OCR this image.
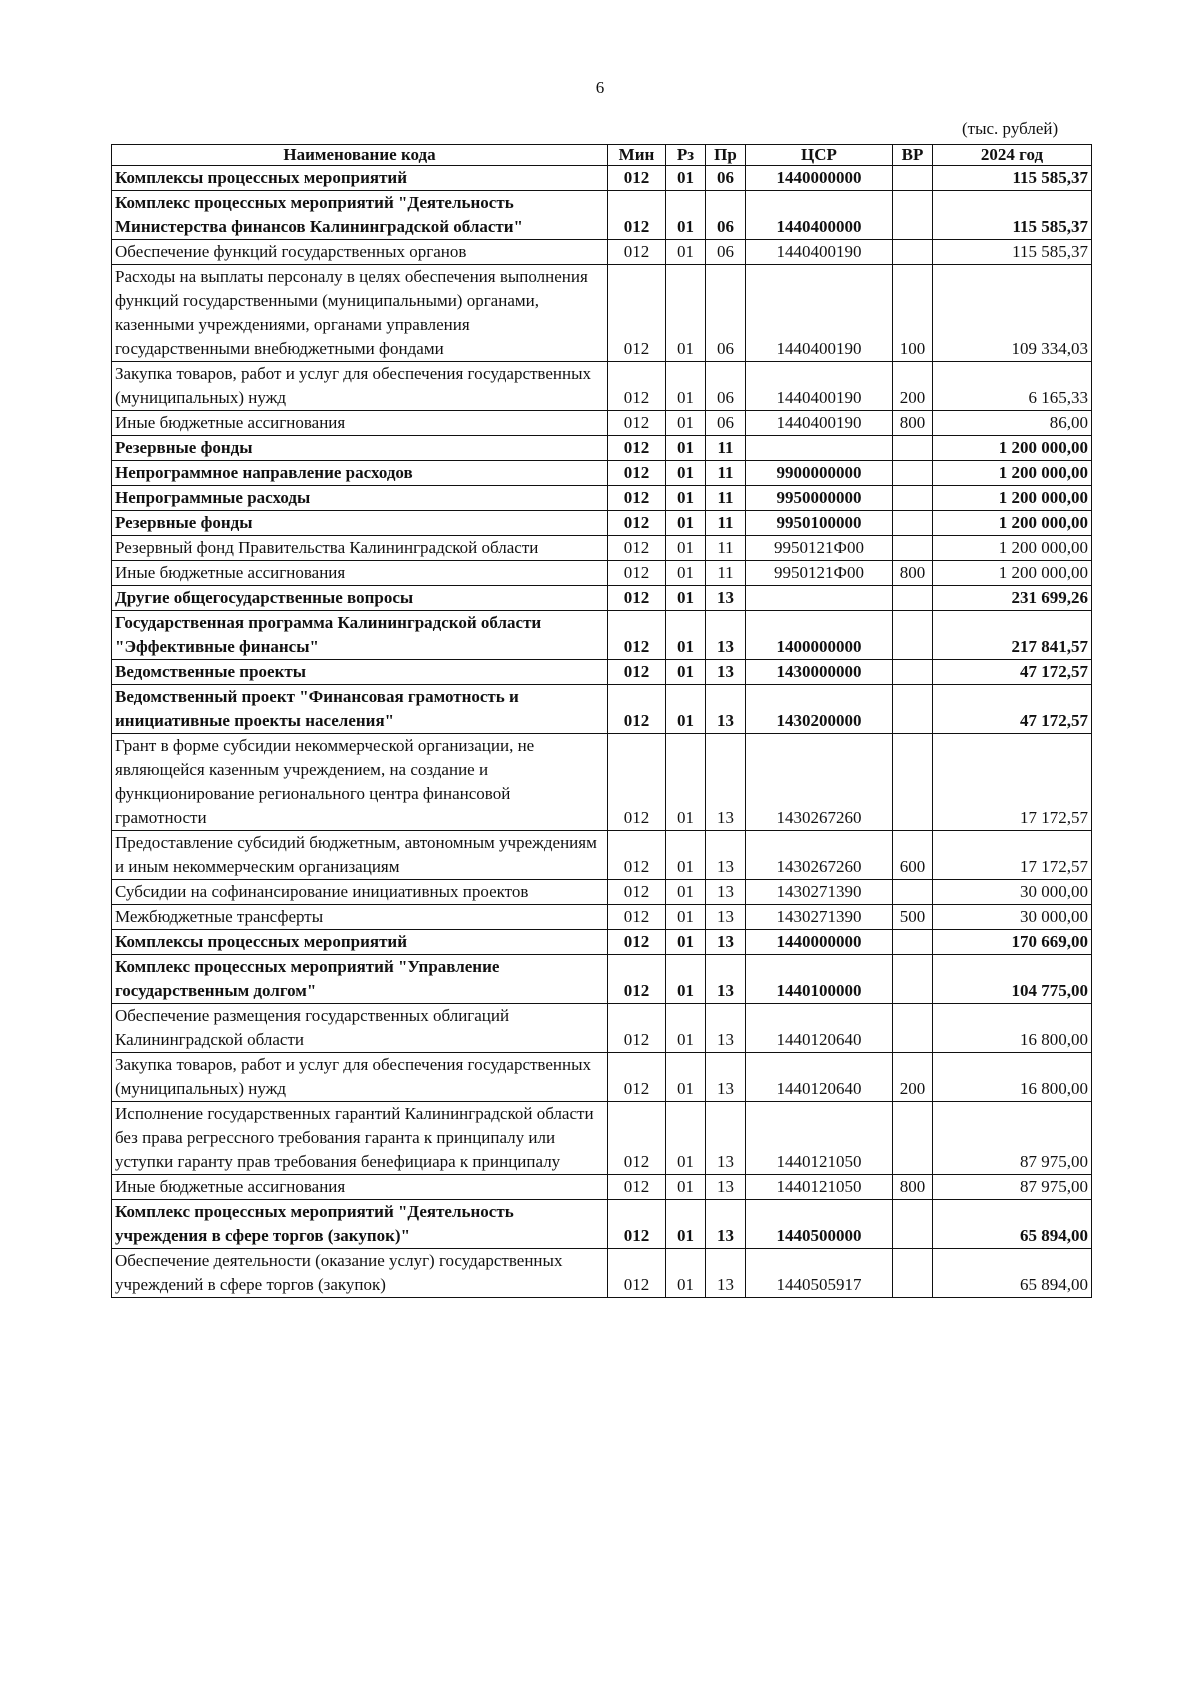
6
(тыс. рублей)
Наименование кода	Мин	Рз	Пр	ЦСР	ВР	2024 год
Комплексы процессных мероприятий	012	01	06	1440000000		115 585,37
Комплекс процессных мероприятий "Деятельность Министерства финансов Калининградской области"	012	01	06	1440400000		115 585,37
Обеспечение функций государственных органов	012	01	06	1440400190		115 585,37
Расходы на выплаты персоналу в целях обеспечения выполнения функций государственными (муниципальными) органами, казенными учреждениями, органами управления государственными внебюджетными фондами	012	01	06	1440400190	100	109 334,03
Закупка товаров, работ и услуг для обеспечения государственных (муниципальных) нужд	012	01	06	1440400190	200	6 165,33
Иные бюджетные ассигнования	012	01	06	1440400190	800	86,00
Резервные фонды	012	01	11			1 200 000,00
Непрограммное направление расходов	012	01	11	9900000000		1 200 000,00
Непрограммные расходы	012	01	11	9950000000		1 200 000,00
Резервные фонды	012	01	11	9950100000		1 200 000,00
Резервный фонд Правительства Калининградской области	012	01	11	9950121Ф00		1 200 000,00
Иные бюджетные ассигнования	012	01	11	9950121Ф00	800	1 200 000,00
Другие общегосударственные вопросы	012	01	13			231 699,26
Государственная программа Калининградской области "Эффективные финансы"	012	01	13	1400000000		217 841,57
Ведомственные проекты	012	01	13	1430000000		47 172,57
Ведомственный проект "Финансовая грамотность и инициативные проекты населения"	012	01	13	1430200000		47 172,57
Грант в форме субсидии некоммерческой организации, не являющейся казенным учреждением, на создание и функционирование регионального центра финансовой грамотности	012	01	13	1430267260		17 172,57
Предоставление субсидий бюджетным, автономным учреждениям и иным некоммерческим организациям	012	01	13	1430267260	600	17 172,57
Субсидии на софинансирование инициативных проектов	012	01	13	1430271390		30 000,00
Межбюджетные трансферты	012	01	13	1430271390	500	30 000,00
Комплексы процессных мероприятий	012	01	13	1440000000		170 669,00
Комплекс процессных мероприятий "Управление государственным долгом"	012	01	13	1440100000		104 775,00
Обеспечение размещения государственных облигаций Калининградской области	012	01	13	1440120640		16 800,00
Закупка товаров, работ и услуг для обеспечения государственных (муниципальных) нужд	012	01	13	1440120640	200	16 800,00
Исполнение государственных гарантий Калининградской области без права регрессного требования гаранта к принципалу или уступки гаранту прав требования бенефициара к принципалу	012	01	13	1440121050		87 975,00
Иные бюджетные ассигнования	012	01	13	1440121050	800	87 975,00
Комплекс процессных мероприятий "Деятельность учреждения в сфере торгов (закупок)"	012	01	13	1440500000		65 894,00
Обеспечение деятельности (оказание услуг) государственных учреждений в сфере торгов (закупок)	012	01	13	1440505917		65 894,00
